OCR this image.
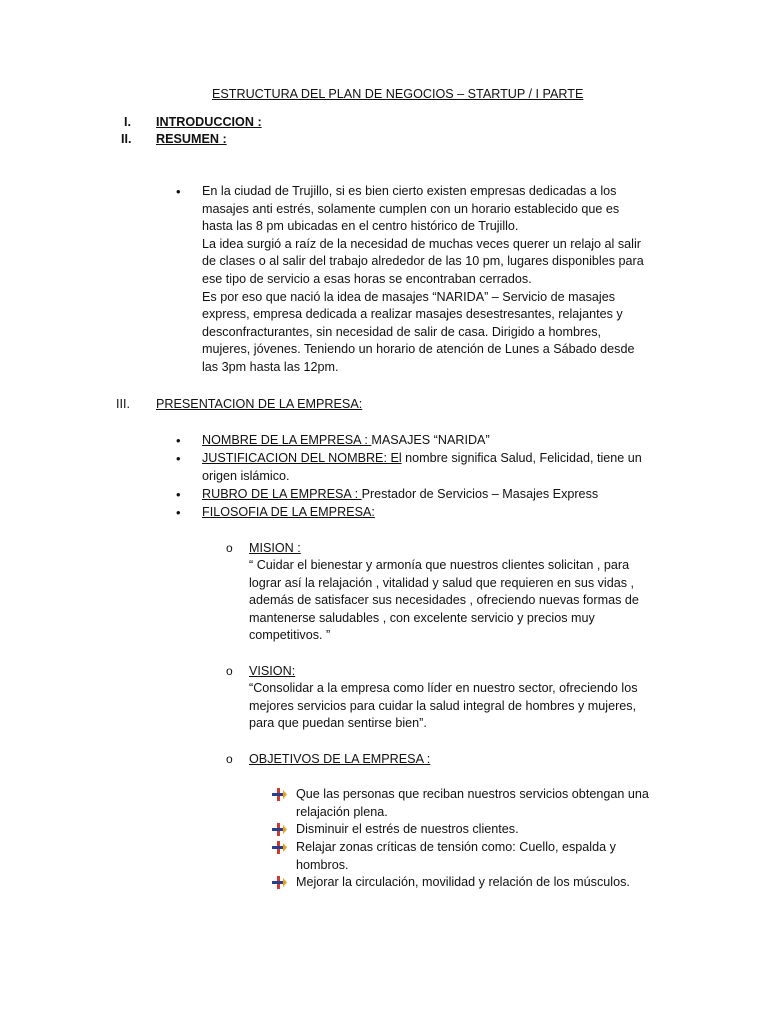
ESTRUCTURA DEL PLAN DE NEGOCIOS – STARTUP / I PARTE
I. INTRODUCCION :
II. RESUMEN :
• En la ciudad de Trujillo, si es bien cierto existen empresas dedicadas a los
masajes anti estrés, solamente cumplen con un horario establecido que es
hasta las 8 pm ubicadas en el centro histórico de Trujillo.
La idea surgió a raíz de la necesidad de muchas veces querer un relajo al salir
de clases o al salir del trabajo alrededor de las 10 pm, lugares disponibles para
ese tipo de servicio a esas horas se encontraban cerrados.
Es por eso que nació la idea de masajes “NARIDA” – Servicio de masajes
express, empresa dedicada a realizar masajes desestresantes, relajantes y
desconfracturantes, sin necesidad de salir de casa. Dirigido a hombres,
mujeres, jóvenes. Teniendo un horario de atención de Lunes a Sábado desde
las 3pm hasta las 12pm.
III. PRESENTACION DE LA EMPRESA:
• NOMBRE DE LA EMPRESA : MASAJES “NARIDA”
• JUSTIFICACION DEL NOMBRE: El nombre significa Salud, Felicidad, tiene un
origen islámico.
• RUBRO DE LA EMPRESA : Prestador de Servicios – Masajes Express
• FILOSOFIA DE LA EMPRESA:
o MISION :
“ Cuidar el bienestar y armonía que nuestros clientes solicitan , para
lograr así la relajación , vitalidad y salud que requieren en sus vidas ,
además de satisfacer sus necesidades , ofreciendo nuevas formas de
mantenerse saludables , con excelente servicio y precios muy
competitivos. ”
o VISION:
“Consolidar a la empresa como líder en nuestro sector, ofreciendo los
mejores servicios para cuidar la salud integral de hombres y mujeres,
para que puedan sentirse bien”.
o OBJETIVOS DE LA EMPRESA :
Que las personas que reciban nuestros servicios obtengan una
relajación plena.
Disminuir el estrés de nuestros clientes.
Relajar zonas críticas de tensión como: Cuello, espalda y
hombros.
Mejorar la circulación, movilidad y relación de los músculos.
